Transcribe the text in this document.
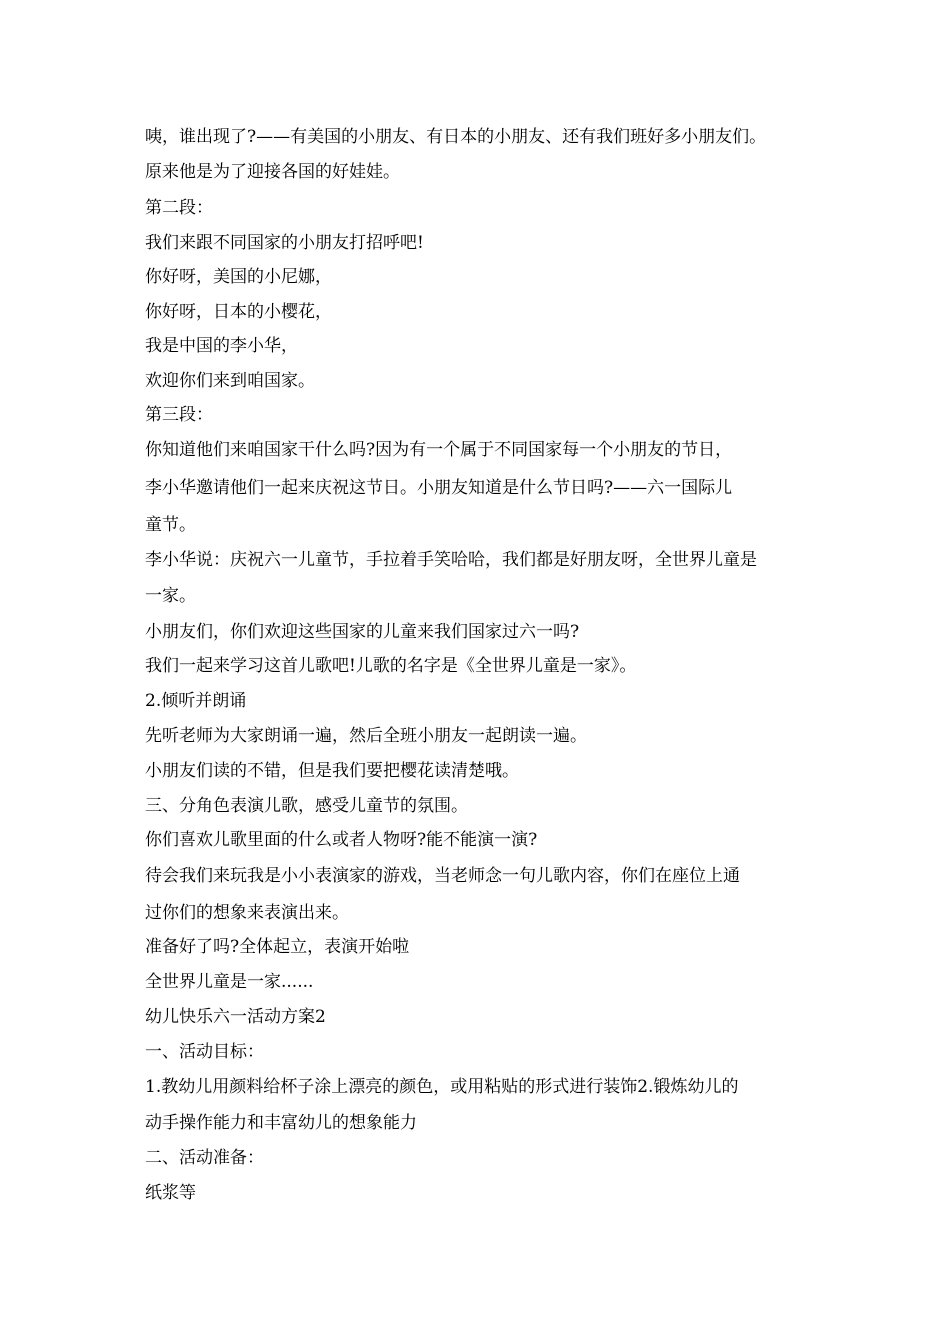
咦，谁出现了?——有美国的小朋友、有日本的小朋友、还有我们班好多小朋友们。
原来他是为了迎接各国的好娃娃。
第二段：
我们来跟不同国家的小朋友打招呼吧!
你好呀，美国的小尼娜，
你好呀，日本的小樱花，
我是中国的李小华，
欢迎你们来到咱国家。
第三段：
你知道他们来咱国家干什么吗?因为有一个属于不同国家每一个小朋友的节日，
李小华邀请他们一起来庆祝这节日。小朋友知道是什么节日吗?——六一国际儿
童节。
李小华说：庆祝六一儿童节，手拉着手笑哈哈，我们都是好朋友呀，全世界儿童是
一家。
小朋友们，你们欢迎这些国家的儿童来我们国家过六一吗?
我们一起来学习这首儿歌吧!儿歌的名字是《全世界儿童是一家》。
2.倾听并朗诵
先听老师为大家朗诵一遍，然后全班小朋友一起朗读一遍。
小朋友们读的不错，但是我们要把樱花读清楚哦。
三、分角色表演儿歌，感受儿童节的氛围。
你们喜欢儿歌里面的什么或者人物呀?能不能演一演?
待会我们来玩我是小小表演家的游戏，当老师念一句儿歌内容，你们在座位上通
过你们的想象来表演出来。
准备好了吗?全体起立，表演开始啦
全世界儿童是一家......
幼儿快乐六一活动方案2
一、活动目标：
1.教幼儿用颜料给杯子涂上漂亮的颜色，或用粘贴的形式进行装饰2.锻炼幼儿的
动手操作能力和丰富幼儿的想象能力
二、活动准备：
纸浆等
